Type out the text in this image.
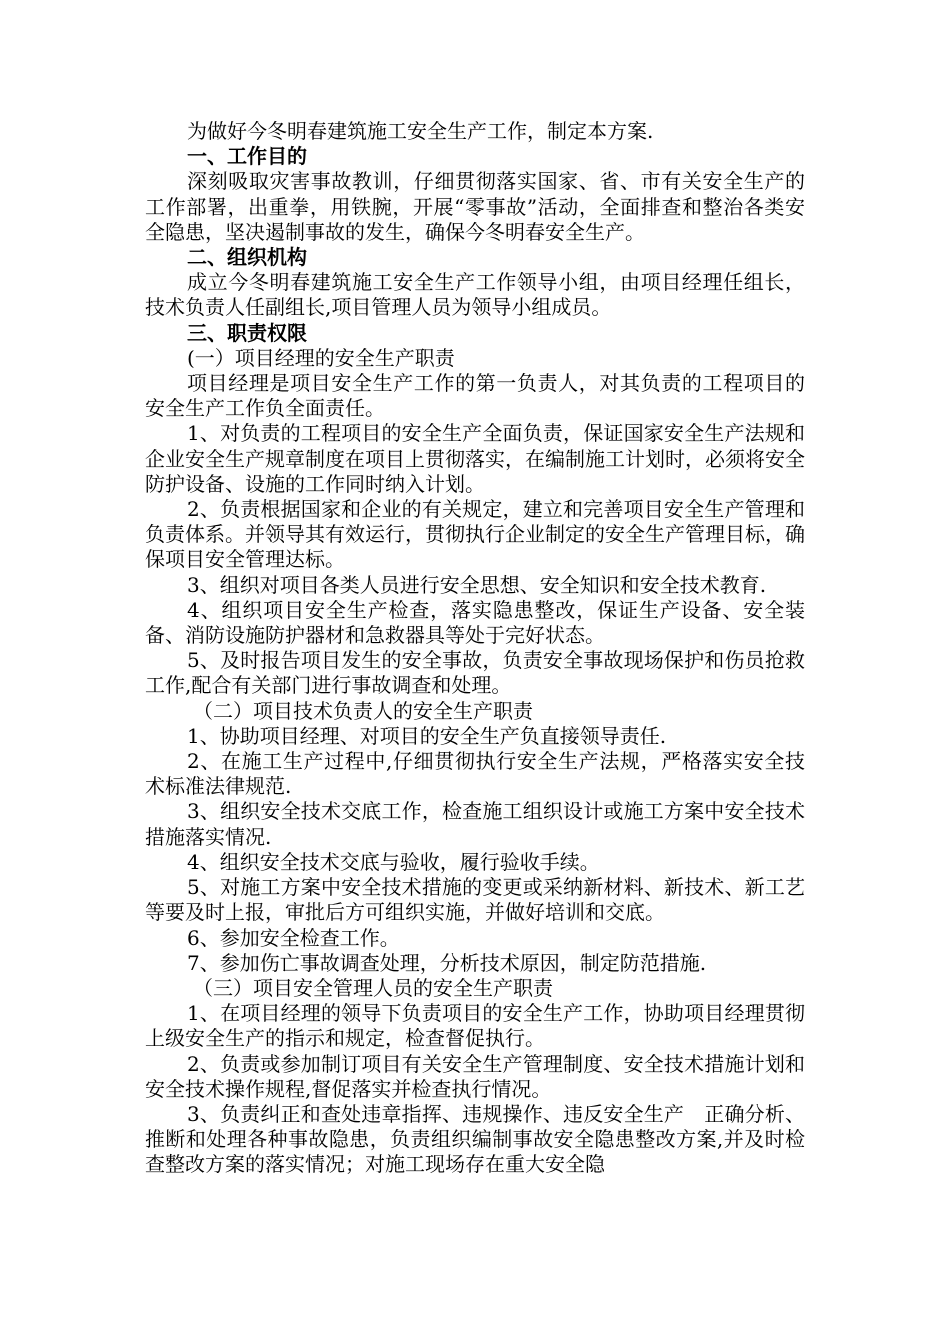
为做好今冬明春建筑施工安全生产工作，制定本方案.

一、工作目的

深刻吸取灾害事故教训，仔细贯彻落实国家、省、市有关安全生产的工作部署，出重拳，用铁腕，开展“零事故”活动，全面排查和整治各类安全隐患，坚决遏制事故的发生，确保今冬明春安全生产。

二、组织机构

成立今冬明春建筑施工安全生产工作领导小组，由项目经理任组长，技术负责人任副组长,项目管理人员为领导小组成员。

三、职责权限

(一）项目经理的安全生产职责

项目经理是项目安全生产工作的第一负责人，对其负责的工程项目的安全生产工作负全面责任。

1、对负责的工程项目的安全生产全面负责，保证国家安全生产法规和企业安全生产规章制度在项目上贯彻落实，在编制施工计划时，必须将安全防护设备、设施的工作同时纳入计划。

2、负责根据国家和企业的有关规定，建立和完善项目安全生产管理和负责体系。并领导其有效运行，贯彻执行企业制定的安全生产管理目标，确保项目安全管理达标。

3、组织对项目各类人员进行安全思想、安全知识和安全技术教育.

4、组织项目安全生产检查，落实隐患整改，保证生产设备、安全装备、消防设施防护器材和急救器具等处于完好状态。

5、及时报告项目发生的安全事故，负责安全事故现场保护和伤员抢救工作,配合有关部门进行事故调查和处理。

（二）项目技术负责人的安全生产职责

1、协助项目经理、对项目的安全生产负直接领导责任.

2、在施工生产过程中,仔细贯彻执行安全生产法规，严格落实安全技术标准法律规范.

3、组织安全技术交底工作，检查施工组织设计或施工方案中安全技术措施落实情况.

4、组织安全技术交底与验收，履行验收手续。

5、对施工方案中安全技术措施的变更或采纳新材料、新技术、新工艺等要及时上报，审批后方可组织实施，并做好培训和交底。

6、参加安全检查工作。

7、参加伤亡事故调查处理，分析技术原因，制定防范措施.

（三）项目安全管理人员的安全生产职责

1、在项目经理的领导下负责项目的安全生产工作，协助项目经理贯彻上级安全生产的指示和规定，检查督促执行。

2、负责或参加制订项目有关安全生产管理制度、安全技术措施计划和安全技术操作规程,督促落实并检查执行情况。

3、负责纠正和查处违章指挥、违规操作、违反安全生产　正确分析、推断和处理各种事故隐患，负责组织编制事故安全隐患整改方案,并及时检查整改方案的落实情况；对施工现场存在重大安全隐
